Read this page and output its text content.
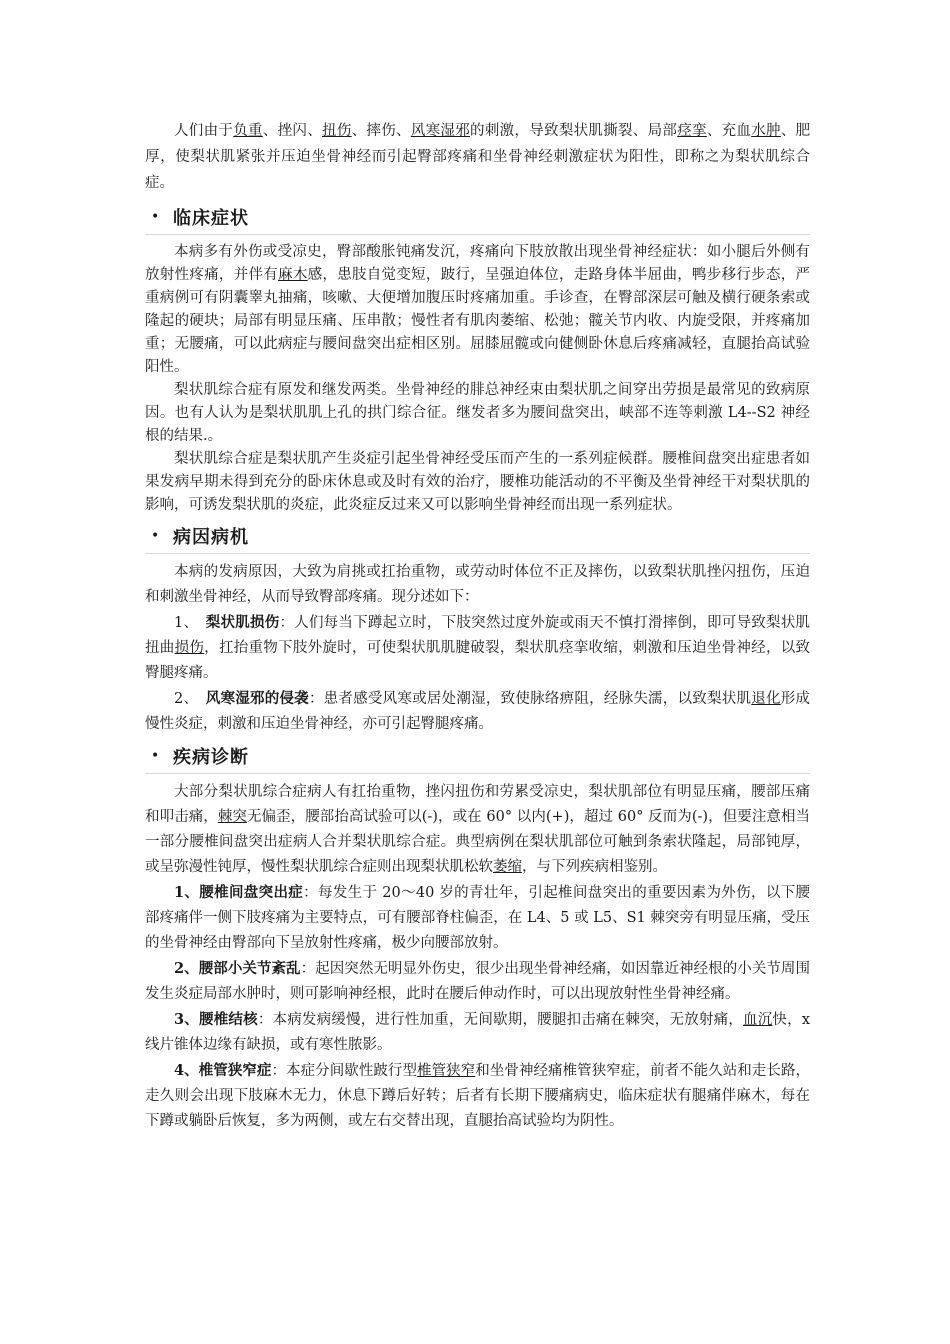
人们由于负重、挫闪、扭伤、摔伤、风寒湿邪的刺激，导致梨状肌撕裂、局部痉挛、充血水肿、肥厚，使梨状肌紧张并压迫坐骨神经而引起臀部疼痛和坐骨神经刺激症状为阳性，即称之为梨状肌综合症。

• 临床症状

本病多有外伤或受凉史，臀部酸胀钝痛发沉，疼痛向下肢放散出现坐骨神经症状：如小腿后外侧有放射性疼痛，并伴有麻木感，患肢自觉变短，跛行，呈强迫体位，走路身体半屈曲，鸭步移行步态，严重病例可有阴囊睾丸抽痛，咳嗽、大便增加腹压时疼痛加重。手诊查，在臀部深层可触及横行硬条索或隆起的硬块；局部有明显压痛、压串散；慢性者有肌肉萎缩、松弛；髋关节内收、内旋受限，并疼痛加重；无腰痛，可以此病症与腰间盘突出症相区别。屈膝屈髋或向健侧卧休息后疼痛减轻，直腿抬高试验阳性。

梨状肌综合症有原发和继发两类。坐骨神经的腓总神经束由梨状肌之间穿出劳损是最常见的致病原因。也有人认为是梨状肌肌上孔的拱门综合征。继发者多为腰间盘突出，峡部不连等刺激 L4--S2 神经根的结果.。

梨状肌综合症是梨状肌产生炎症引起坐骨神经受压而产生的一系列症候群。腰椎间盘突出症患者如果发病早期未得到充分的卧床休息或及时有效的治疗，腰椎功能活动的不平衡及坐骨神经干对梨状肌的影响，可诱发梨状肌的炎症，此炎症反过来又可以影响坐骨神经而出现一系列症状。

• 病因病机

本病的发病原因，大致为肩挑或扛抬重物，或劳动时体位不正及摔伤，以致梨状肌挫闪扭伤，压迫和刺激坐骨神经，从而导致臀部疼痛。现分述如下：

1、　梨状肌损伤：人们每当下蹲起立时，下肢突然过度外旋或雨天不慎打滑摔倒，即可导致梨状肌扭曲损伤，扛抬重物下肢外旋时，可使梨状肌肌腱破裂，梨状肌痉挛收缩，刺激和压迫坐骨神经，以致臀腿疼痛。

2、　风寒湿邪的侵袭：患者感受风寒或居处潮湿，致使脉络痹阻，经脉失濡，以致梨状肌退化形成慢性炎症，刺激和压迫坐骨神经，亦可引起臀腿疼痛。

• 疾病诊断

大部分梨状肌综合症病人有扛抬重物，挫闪扭伤和劳累受凉史，梨状肌部位有明显压痛，腰部压痛和叩击痛，棘突无偏歪，腰部抬高试验可以(-)，或在 60° 以内(+)，超过 60° 反而为(-)，但要注意相当一部分腰椎间盘突出症病人合并梨状肌综合症。典型病例在梨状肌部位可触到条索状隆起，局部钝厚，或呈弥漫性钝厚，慢性梨状肌综合症则出现梨状肌松软萎缩，与下列疾病相鉴别。

1、腰椎间盘突出症：每发生于 20～40 岁的青壮年，引起椎间盘突出的重要因素为外伤，以下腰部疼痛伴一侧下肢疼痛为主要特点，可有腰部脊柱偏歪，在 L4、5 或 L5、S1 棘突旁有明显压痛，受压的坐骨神经由臀部向下呈放射性疼痛，极少向腰部放射。

2、腰部小关节紊乱：起因突然无明显外伤史，很少出现坐骨神经痛，如因靠近神经根的小关节周围发生炎症局部水肿时，则可影响神经根，此时在腰后伸动作时，可以出现放射性坐骨神经痛。

3、腰椎结核：本病发病缓慢，进行性加重，无间歇期，腰腿扣击痛在棘突，无放射痛，血沉快，x 线片锥体边缘有缺损，或有寒性脓影。

4、椎管狭窄症：本症分间歇性跛行型椎管狭窄和坐骨神经痛椎管狭窄症，前者不能久站和走长路，走久则会出现下肢麻木无力，休息下蹲后好转；后者有长期下腰痛病史，临床症状有腿痛伴麻木，每在下蹲或躺卧后恢复，多为两侧，或左右交替出现，直腿抬高试验均为阴性。
